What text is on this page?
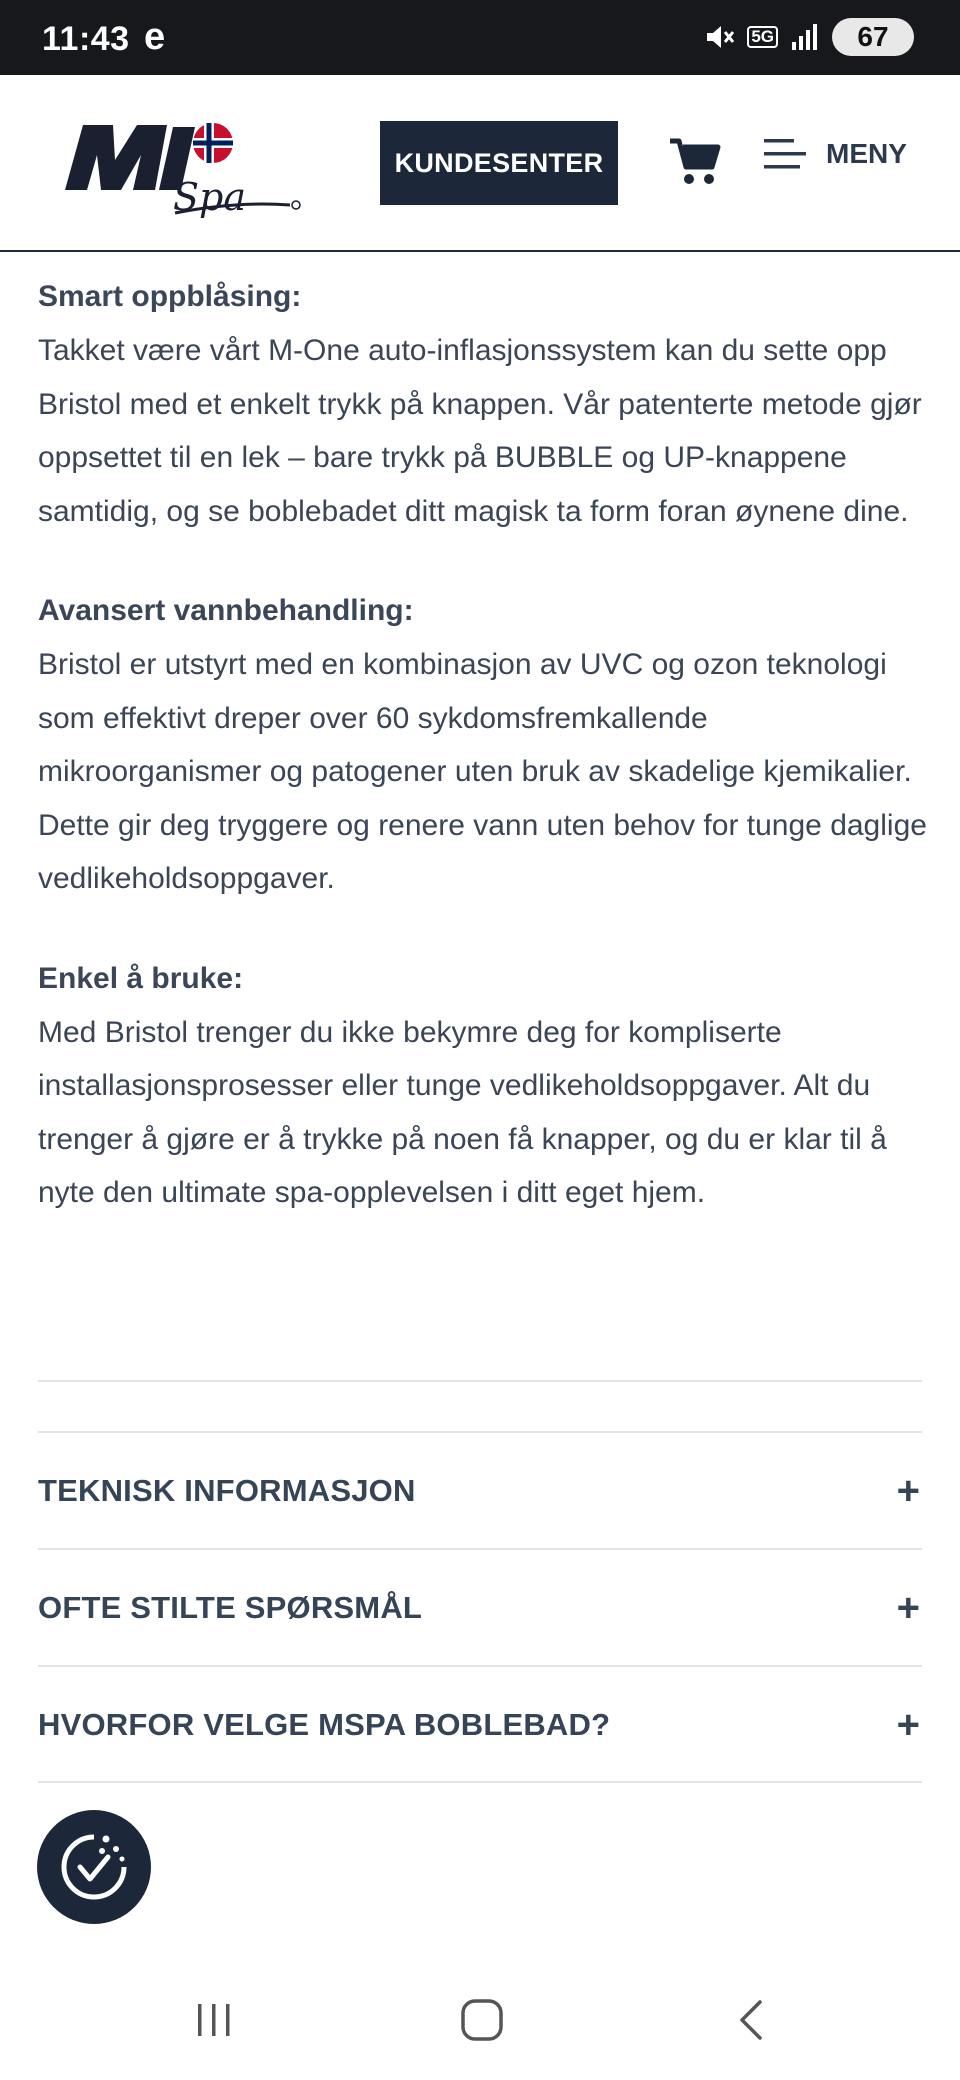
11:43 e	5G	67
Spa
KUNDESENTER	MENY
Smart oppblåsing:

Takket være vårt M-One auto-inflasjonssystem kan du sette opp Bristol med et enkelt trykk på knappen. Vår patenterte metode gjør oppsettet til en lek – bare trykk på BUBBLE og UP-knappene samtidig, og se boblebadet ditt magisk ta form foran øynene dine.

Avansert vannbehandling:

Bristol er utstyrt med en kombinasjon av UVC og ozon teknologi som effektivt dreper over 60 sykdomsfremkallende mikroorganismer og patogener uten bruk av skadelige kjemikalier. Dette gir deg tryggere og renere vann uten behov for tunge daglige vedlikeholdsoppgaver.

Enkel å bruke:

Med Bristol trenger du ikke bekymre deg for kompliserte installasjonsprosesser eller tunge vedlikeholdsoppgaver. Alt du trenger å gjøre er å trykke på noen få knapper, og du er klar til å nyte den ultimate spa-opplevelsen i ditt eget hjem.

TEKNISK INFORMASJON	+
OFTE STILTE SPØRSMÅL	+
HVORFOR VELGE MSPA BOBLEBAD?	+
